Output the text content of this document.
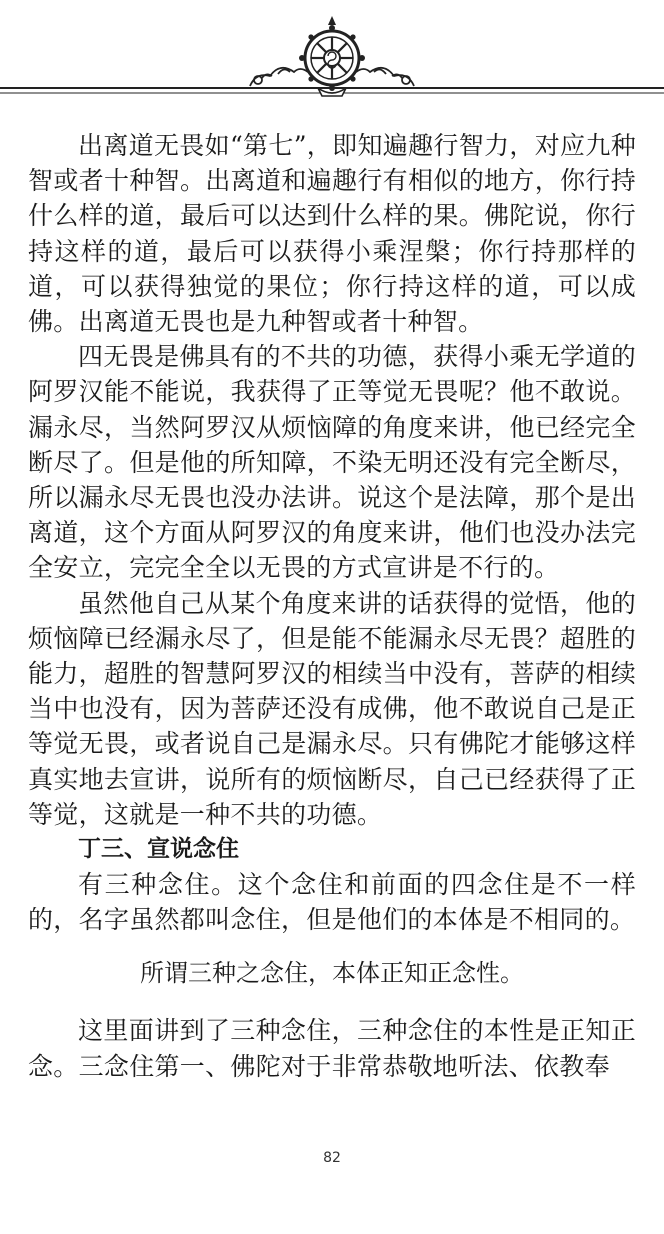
出离道无畏如“第七”，即知遍趣行智力，对应九种智或者十种智。出离道和遍趣行有相似的地方，你行持什么样的道，最后可以达到什么样的果。佛陀说，你行持这样的道，最后可以获得小乘涅槃；你行持那样的道，可以获得独觉的果位；你行持这样的道，可以成佛。出离道无畏也是九种智或者十种智。

四无畏是佛具有的不共的功德，获得小乘无学道的阿罗汉能不能说，我获得了正等觉无畏呢？他不敢说。漏永尽，当然阿罗汉从烦恼障的角度来讲，他已经完全断尽了。但是他的所知障，不染无明还没有完全断尽，所以漏永尽无畏也没办法讲。说这个是法障，那个是出离道，这个方面从阿罗汉的角度来讲，他们也没办法完全安立，完完全全以无畏的方式宣讲是不行的。

虽然他自己从某个角度来讲的话获得的觉悟，他的烦恼障已经漏永尽了，但是能不能漏永尽无畏？超胜的能力，超胜的智慧阿罗汉的相续当中没有，菩萨的相续当中也没有，因为菩萨还没有成佛，他不敢说自己是正等觉无畏，或者说自己是漏永尽。只有佛陀才能够这样真实地去宣讲，说所有的烦恼断尽，自己已经获得了正等觉，这就是一种不共的功德。

丁三、宣说念住

有三种念住。这个念住和前面的四念住是不一样的，名字虽然都叫念住，但是他们的本体是不相同的。

所谓三种之念住，本体正知正念性。

这里面讲到了三种念住，三种念住的本性是正知正念。三念住第一、佛陀对于非常恭敬地听法、依教奉

82
